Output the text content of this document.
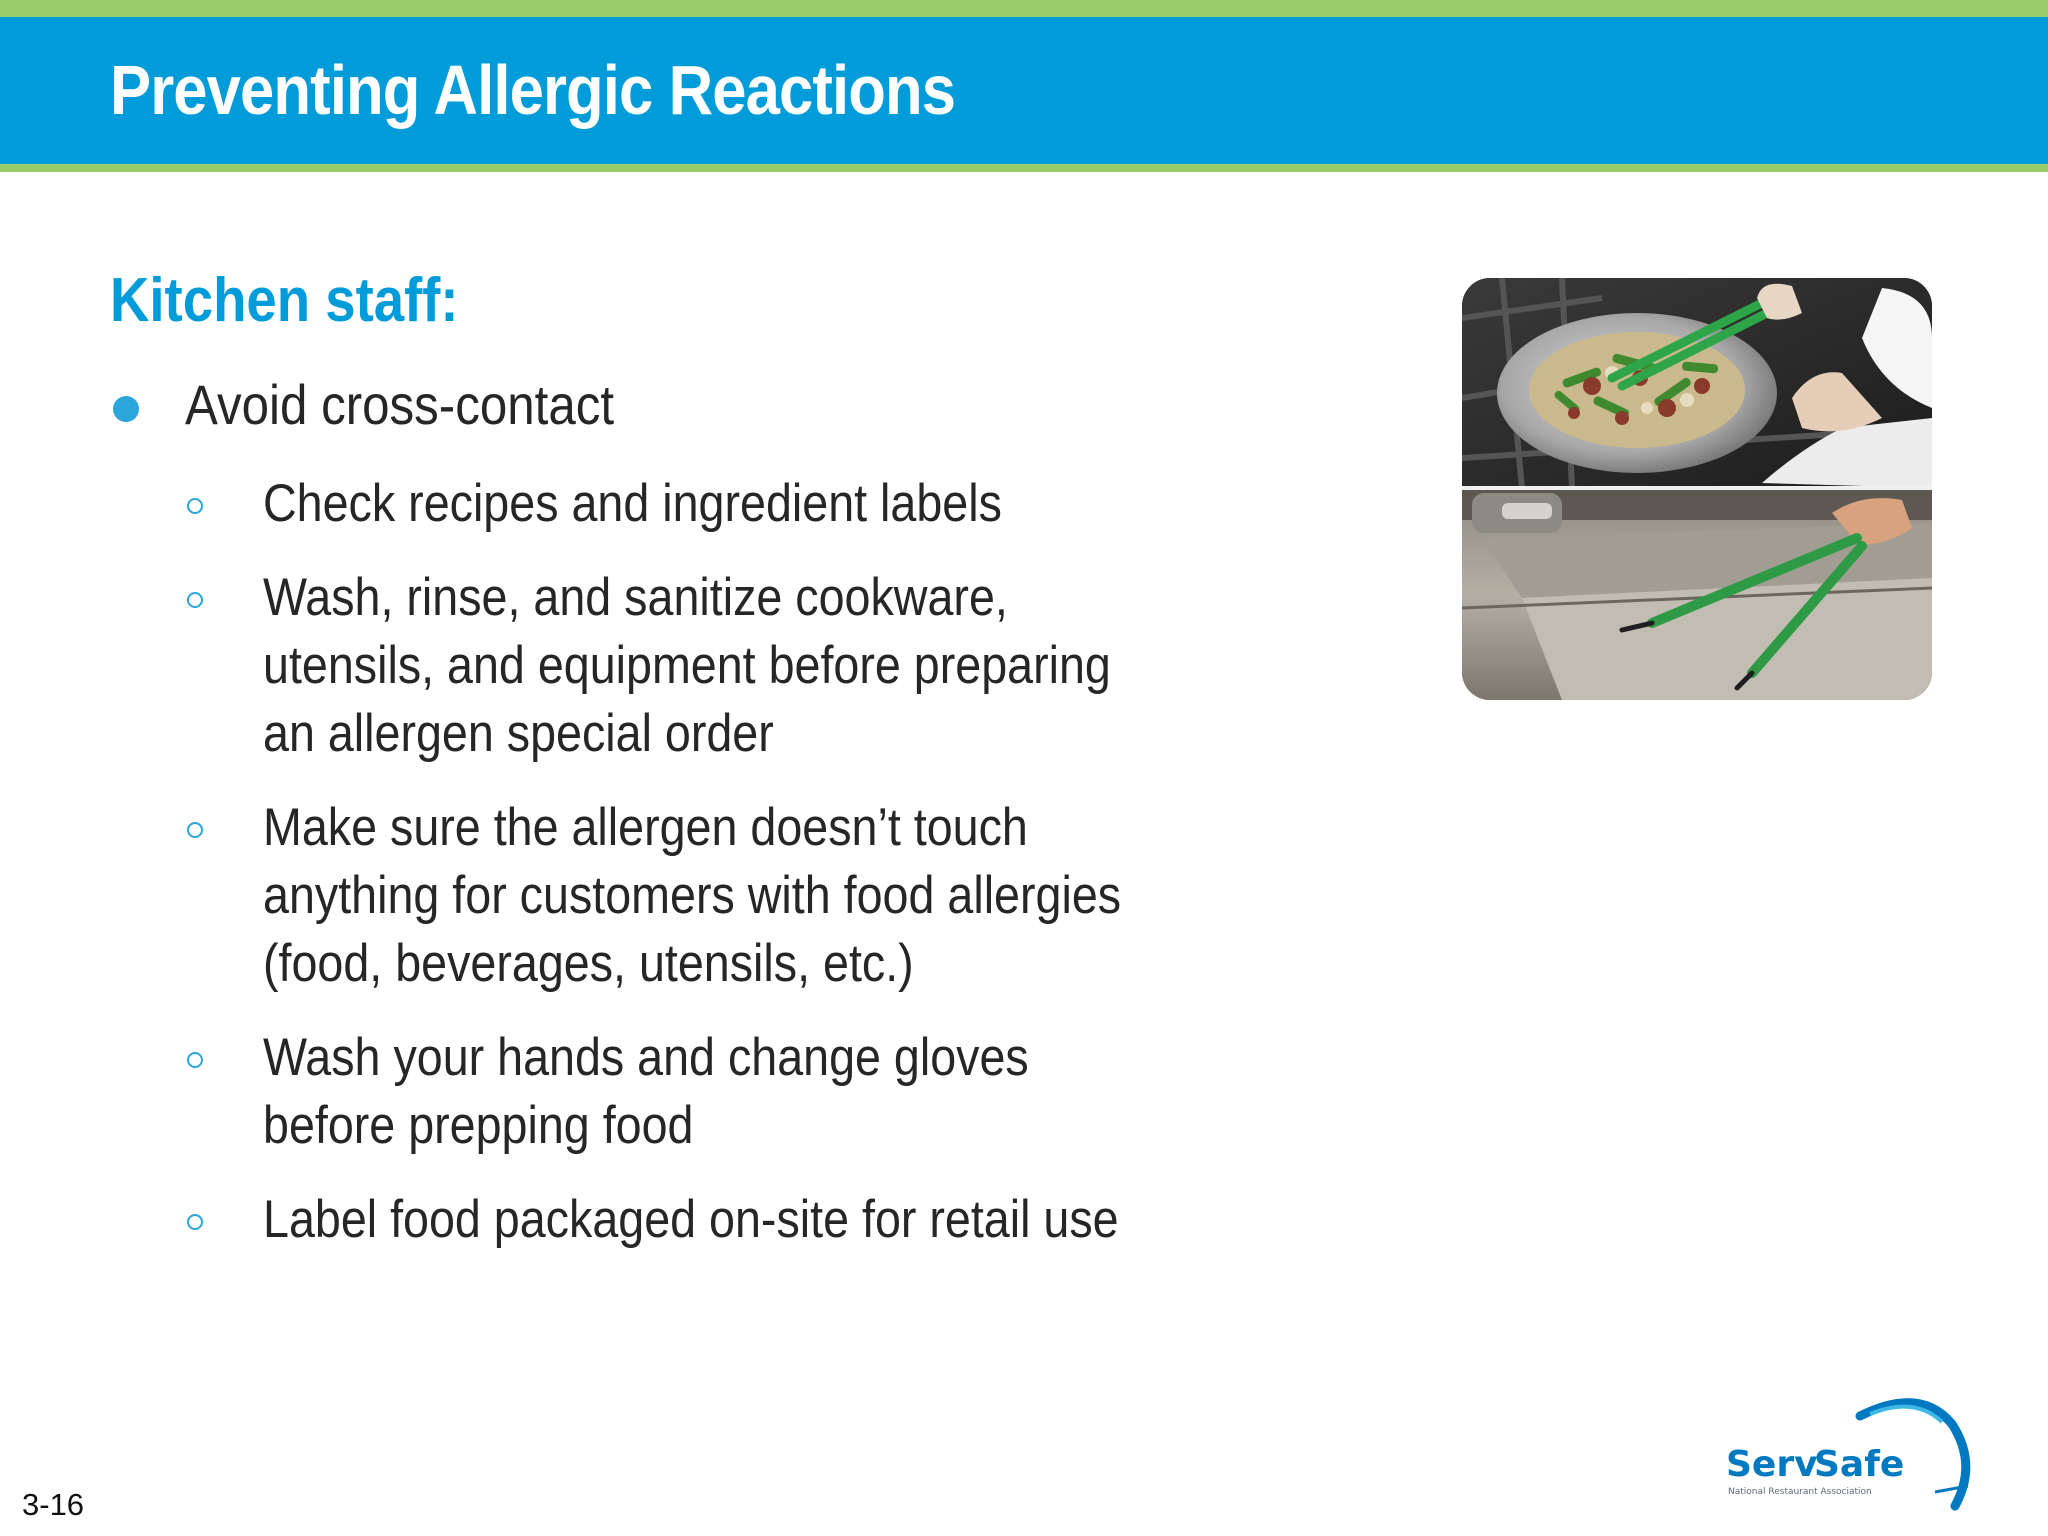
Preventing Allergic Reactions
Kitchen staff:
Avoid cross-contact
Check recipes and ingredient labels
Wash, rinse, and sanitize cookware, utensils, and equipment before preparing an allergen special order
Make sure the allergen doesn’t touch anything for customers with food allergies (food, beverages, utensils, etc.)
Wash your hands and change gloves before prepping food
Label food packaged on-site for retail use
3-16
Serv
Safe
National Restaurant Association
